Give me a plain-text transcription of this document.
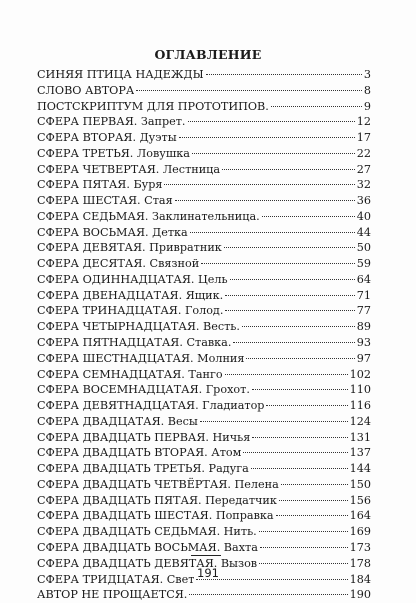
ОГЛАВЛЕНИЕ
СИНЯЯ ПТИЦА НАДЕЖДЫ	3
СЛОВО АВТОРА	8
ПОСТСКРИПТУМ ДЛЯ ПРОТОТИПОВ.	9
СФЕРА ПЕРВАЯ. Запрет.	12
СФЕРА ВТОРАЯ. Дуэты	17
СФЕРА ТРЕТЬЯ. Ловушка	22
СФЕРА ЧЕТВЕРТАЯ. Лестница	27
СФЕРА ПЯТАЯ. Буря	32
СФЕРА ШЕСТАЯ. Стая	36
СФЕРА СЕДЬМАЯ. Заклинательница.	40
СФЕРА ВОСЬМАЯ. Детка	44
СФЕРА ДЕВЯТАЯ. Привратник	50
СФЕРА ДЕСЯТАЯ. Связной	59
СФЕРА ОДИННАДЦАТАЯ. Цель	64
СФЕРА ДВЕНАДЦАТАЯ. Ящик.	71
СФЕРА ТРИНАДЦАТАЯ. Голод.	77
СФЕРА ЧЕТЫРНАДЦАТАЯ. Весть.	89
СФЕРА ПЯТНАДЦАТАЯ. Ставка.	93
СФЕРА ШЕСТНАДЦАТАЯ. Молния	97
СФЕРА СЕМНАДЦАТАЯ. Танго	102
СФЕРА ВОСЕМНАДЦАТАЯ. Грохот.	110
СФЕРА ДЕВЯТНАДЦАТАЯ. Гладиатор	116
СФЕРА ДВАДЦАТАЯ. Весы	124
СФЕРА ДВАДЦАТЬ ПЕРВАЯ. Ничья	131
СФЕРА ДВАДЦАТЬ ВТОРАЯ. Атом	137
СФЕРА ДВАДЦАТЬ ТРЕТЬЯ. Радуга	144
СФЕРА ДВАДЦАТЬ ЧЕТВЁРТАЯ. Пелена	150
СФЕРА ДВАДЦАТЬ ПЯТАЯ. Передатчик	156
СФЕРА ДВАДЦАТЬ ШЕСТАЯ. Поправка	164
СФЕРА ДВАДЦАТЬ СЕДЬМАЯ. Нить.	169
СФЕРА ДВАДЦАТЬ ВОСЬМАЯ. Вахта	173
СФЕРА ДВАДЦАТЬ ДЕВЯТАЯ. Вызов	178
СФЕРА ТРИДЦАТАЯ. Свет	184
АВТОР НЕ ПРОЩАЕТСЯ.	190
191
